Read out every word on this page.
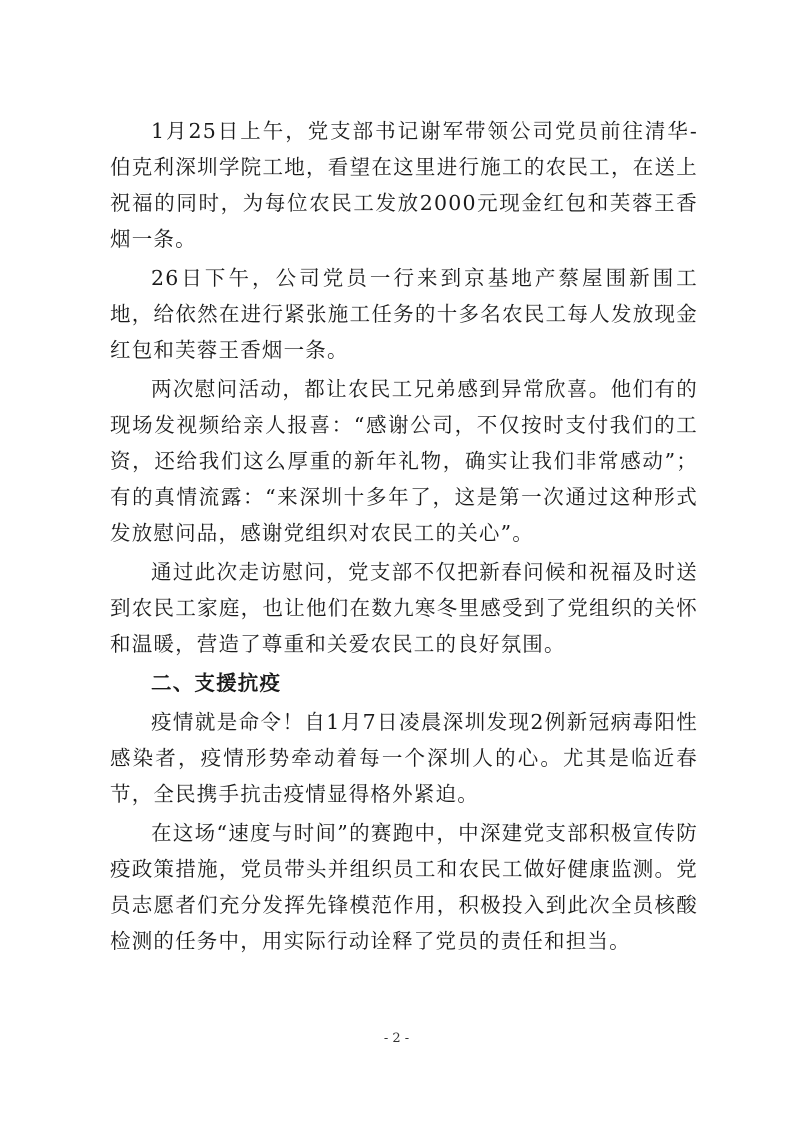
1月25日上午，党支部书记谢军带领公司党员前往清华-伯克利深圳学院工地，看望在这里进行施工的农民工，在送上祝福的同时，为每位农民工发放2000元现金红包和芙蓉王香烟一条。

26日下午，公司党员一行来到京基地产蔡屋围新围工地，给依然在进行紧张施工任务的十多名农民工每人发放现金红包和芙蓉王香烟一条。

两次慰问活动，都让农民工兄弟感到异常欣喜。他们有的现场发视频给亲人报喜：“感谢公司，不仅按时支付我们的工资，还给我们这么厚重的新年礼物，确实让我们非常感动”；有的真情流露：“来深圳十多年了，这是第一次通过这种形式发放慰问品，感谢党组织对农民工的关心”。

通过此次走访慰问，党支部不仅把新春问候和祝福及时送到农民工家庭，也让他们在数九寒冬里感受到了党组织的关怀和温暖，营造了尊重和关爱农民工的良好氛围。

二、支援抗疫

疫情就是命令！自1月7日凌晨深圳发现2例新冠病毒阳性感染者，疫情形势牵动着每一个深圳人的心。尤其是临近春节，全民携手抗击疫情显得格外紧迫。

在这场“速度与时间”的赛跑中，中深建党支部积极宣传防疫政策措施，党员带头并组织员工和农民工做好健康监测。党员志愿者们充分发挥先锋模范作用，积极投入到此次全员核酸检测的任务中，用实际行动诠释了党员的责任和担当。

- 2 -
